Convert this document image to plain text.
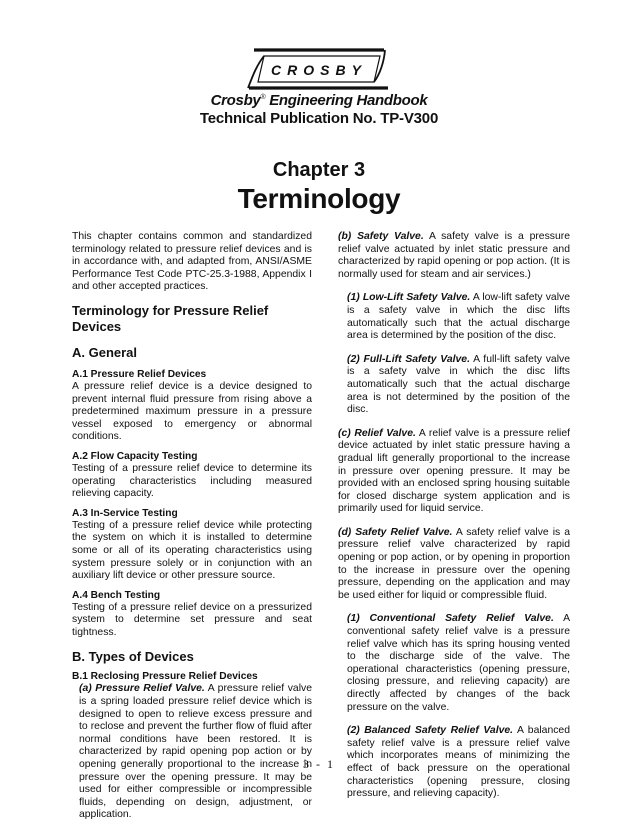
CROSBY
Crosby® Engineering Handbook
Technical Publication No. TP-V300
Chapter 3
Terminology

This chapter contains common and standardized terminology related to pressure relief devices and is in accordance with, and adapted from, ANSI/ASME Performance Test Code PTC-25.3-1988, Appendix I and other accepted practices.

Terminology for Pressure Relief Devices
A. General
A.1 Pressure Relief Devices

A pressure relief device is a device designed to prevent internal fluid pressure from rising above a predetermined maximum pressure in a pressure vessel exposed to emergency or abnormal conditions.

A.2 Flow Capacity Testing

Testing of a pressure relief device to determine its operating characteristics including measured relieving capacity.

A.3 In-Service Testing

Testing of a pressure relief device while protecting the system on which it is installed to determine some or all of its operating characteristics using system pressure solely or in conjunction with an auxiliary lift device or other pressure source.

A.4 Bench Testing

Testing of a pressure relief device on a pressurized system to determine set pressure and seat tightness.

B. Types of Devices
B.1 Reclosing Pressure Relief Devices

(a) Pressure Relief Valve. A pressure relief valve is a spring loaded pressure relief device which is designed to open to relieve excess pressure and to reclose and prevent the further flow of fluid after normal conditions have been restored. It is characterized by rapid opening pop action or by opening generally proportional to the increase in pressure over the opening pressure. It may be used for either compressible or incompressible fluids, depending on design, adjustment, or application.

(b) Safety Valve. A safety valve is a pressure relief valve actuated by inlet static pressure and characterized by rapid opening or pop action. (It is normally used for steam and air services.)

(1) Low-Lift Safety Valve. A low-lift safety valve is a safety valve in which the disc lifts automatically such that the actual discharge area is determined by the position of the disc.

(2) Full-Lift Safety Valve. A full-lift safety valve is a safety valve in which the disc lifts automatically such that the actual discharge area is not determined by the position of the disc.

(c) Relief Valve. A relief valve is a pressure relief device actuated by inlet static pressure having a gradual lift generally proportional to the increase in pressure over opening pressure. It may be provided with an enclosed spring housing suitable for closed discharge system application and is primarily used for liquid service.

(d) Safety Relief Valve. A safety relief valve is a pressure relief valve characterized by rapid opening or pop action, or by opening in proportion to the increase in pressure over the opening pressure, depending on the application and may be used either for liquid or compressible fluid.

(1) Conventional Safety Relief Valve. A conventional safety relief valve is a pressure relief valve which has its spring housing vented to the discharge side of the valve. The operational characteristics (opening pressure, closing pressure, and relieving capacity) are directly affected by changes of the back pressure on the valve.

(2) Balanced Safety Relief Valve. A balanced safety relief valve is a pressure relief valve which incorporates means of minimizing the effect of back pressure on the operational characteristics (opening pressure, closing pressure, and relieving capacity).

3 - 1
